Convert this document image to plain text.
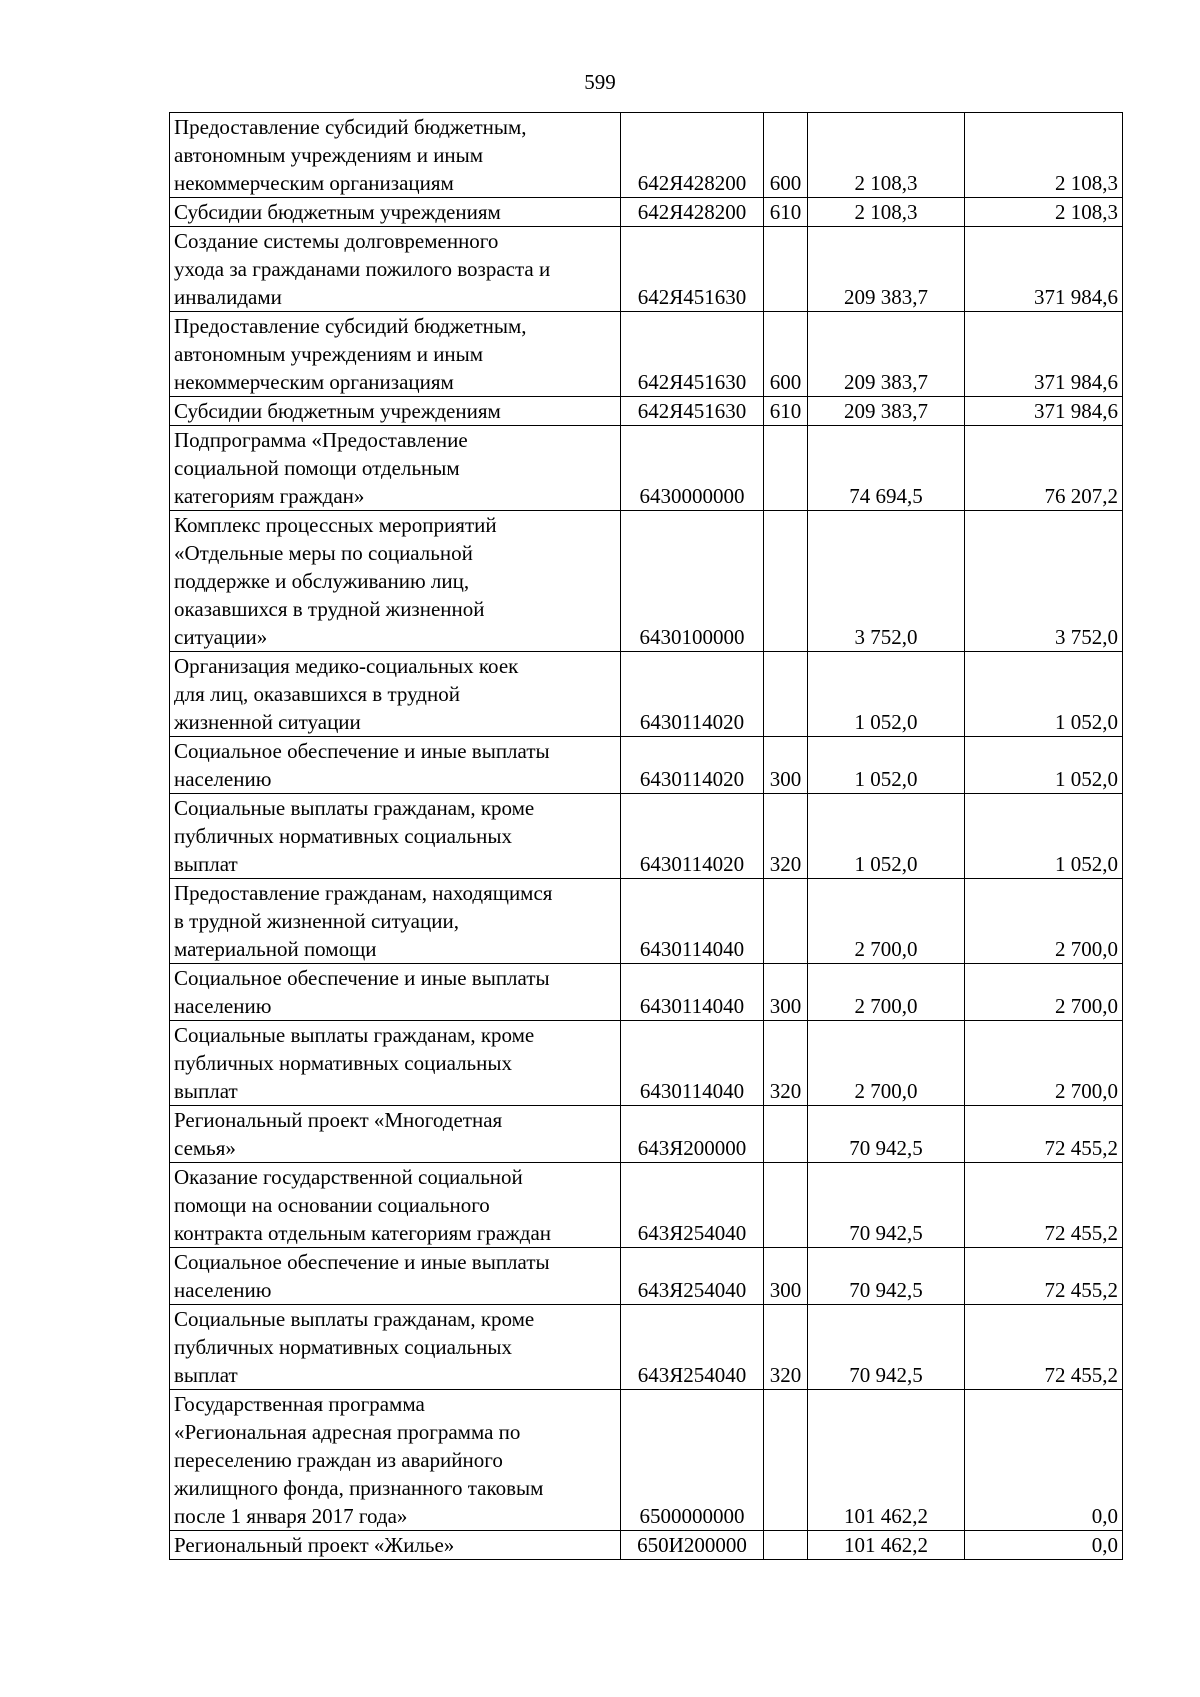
599
Предоставление субсидий бюджетным,
автономным учреждениям и иным
некоммерческим организациям	642Я428200	600	2 108,3	2 108,3

Субсидии бюджетным учреждениям	642Я428200	610	2 108,3	2 108,3

Создание системы долговременного
ухода за гражданами пожилого возраста и
инвалидами	642Я451630		209 383,7	371 984,6

Предоставление субсидий бюджетным,
автономным учреждениям и иным
некоммерческим организациям	642Я451630	600	209 383,7	371 984,6

Субсидии бюджетным учреждениям	642Я451630	610	209 383,7	371 984,6

Подпрограмма «Предоставление
социальной помощи отдельным
категориям граждан»	6430000000		74 694,5	76 207,2

Комплекс процессных мероприятий
«Отдельные меры по социальной
поддержке и обслуживанию лиц,
оказавшихся в трудной жизненной
ситуации»	6430100000		3 752,0	3 752,0

Организация медико-социальных коек
для лиц, оказавшихся в трудной
жизненной ситуации	6430114020		1 052,0	1 052,0

Социальное обеспечение и иные выплаты
населению	6430114020	300	1 052,0	1 052,0

Социальные выплаты гражданам, кроме
публичных нормативных социальных
выплат	6430114020	320	1 052,0	1 052,0

Предоставление гражданам, находящимся
в трудной жизненной ситуации,
материальной помощи	6430114040		2 700,0	2 700,0

Социальное обеспечение и иные выплаты
населению	6430114040	300	2 700,0	2 700,0

Социальные выплаты гражданам, кроме
публичных нормативных социальных
выплат	6430114040	320	2 700,0	2 700,0

Региональный проект «Многодетная
семья»	643Я200000		70 942,5	72 455,2

Оказание государственной социальной
помощи на основании социального
контракта отдельным категориям граждан	643Я254040		70 942,5	72 455,2

Социальное обеспечение и иные выплаты
населению	643Я254040	300	70 942,5	72 455,2

Социальные выплаты гражданам, кроме
публичных нормативных социальных
выплат	643Я254040	320	70 942,5	72 455,2

Государственная программа
«Региональная адресная программа по
переселению граждан из аварийного
жилищного фонда, признанного таковым
после 1 января 2017 года»	6500000000		101 462,2	0,0

Региональный проект «Жилье»	650И200000		101 462,2	0,0
